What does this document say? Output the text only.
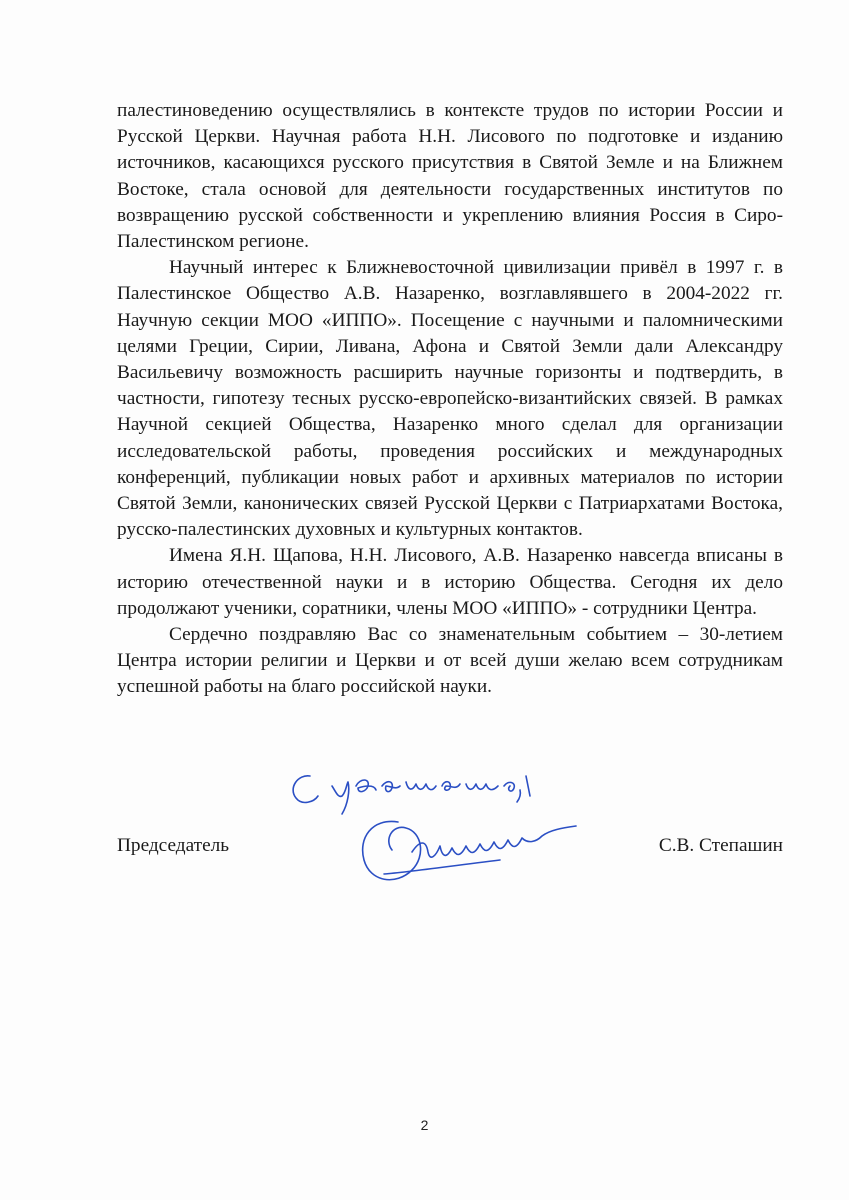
палестиноведению осуществлялись в контексте трудов по истории России и Русской Церкви. Научная работа Н.Н. Лисового по подготовке и изданию источников, касающихся русского присутствия в Святой Земле и на Ближнем Востоке, стала основой для деятельности государственных институтов по возвращению русской собственности и укреплению влияния Россия в Сиро-Палестинском регионе.

Научный интерес к Ближневосточной цивилизации привёл в 1997 г. в Палестинское Общество А.В. Назаренко, возглавлявшего в 2004-2022 гг. Научную секции МОО «ИППО». Посещение с научными и паломническими целями Греции, Сирии, Ливана, Афона и Святой Земли дали Александру Васильевичу возможность расширить научные горизонты и подтвердить, в частности, гипотезу тесных русско-европейско-византийских связей. В рамках Научной секцией Общества, Назаренко много сделал для организации исследовательской работы, проведения российских и международных конференций, публикации новых работ и архивных материалов по истории Святой Земли, канонических связей Русской Церкви с Патриархатами Востока, русско-палестинских духовных и культурных контактов.

Имена Я.Н. Щапова, Н.Н. Лисового, А.В. Назаренко навсегда вписаны в историю отечественной науки и в историю Общества. Сегодня их дело продолжают ученики, соратники, члены МОО «ИППО» - сотрудники Центра.

Сердечно поздравляю Вас со знаменательным событием – 30-летием Центра истории религии и Церкви и от всей души желаю всем сотрудникам успешной работы на благо российской науки.

Председатель	С.В. Степашин
2
